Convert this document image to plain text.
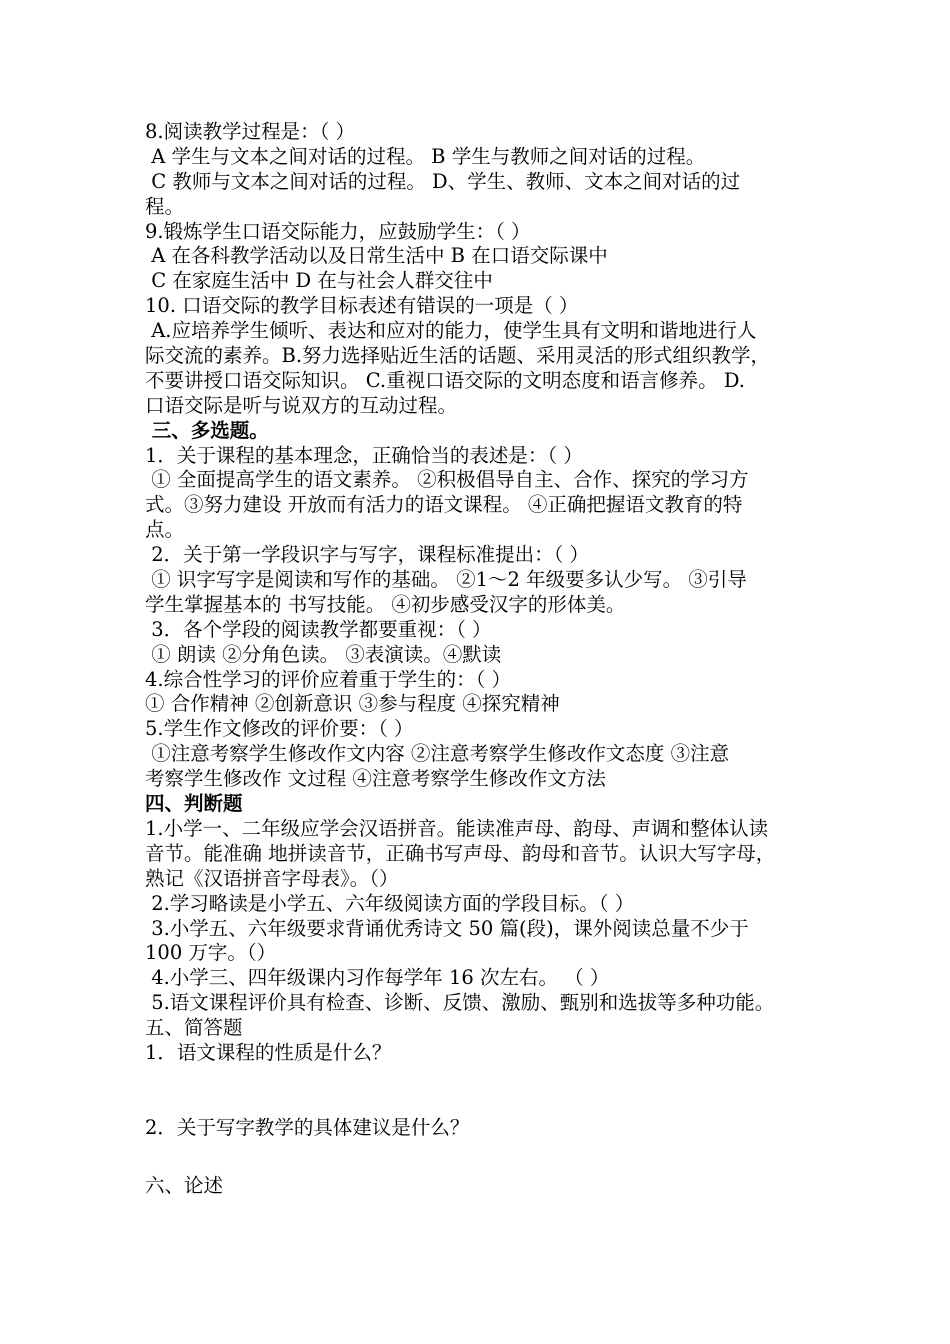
8.阅读教学过程是：（ ）
A 学生与文本之间对话的过程。 B 学生与教师之间对话的过程。
C 教师与文本之间对话的过程。 D、学生、教师、文本之间对话的过
程。
9.锻炼学生口语交际能力，应鼓励学生：（ ）
A 在各科教学活动以及日常生活中 B 在口语交际课中
C 在家庭生活中 D 在与社会人群交往中
10. 口语交际的教学目标表述有错误的一项是（ ）
A.应培养学生倾听、表达和应对的能力，使学生具有文明和谐地进行人
际交流的素养。B.努力选择贴近生活的话题、采用灵活的形式组织教学，
不要讲授口语交际知识。 C.重视口语交际的文明态度和语言修养。 D.
口语交际是听与说双方的互动过程。
三、多选题。
1．关于课程的基本理念，正确恰当的表述是：（ ）
① 全面提高学生的语文素养。 ②积极倡导自主、合作、探究的学习方
式。③努力建设 开放而有活力的语文课程。 ④正确把握语文教育的特
点。
2．关于第一学段识字与写字，课程标准提出：（ ）
① 识字写字是阅读和写作的基础。 ②1～2 年级要多认少写。 ③引导
学生掌握基本的 书写技能。 ④初步感受汉字的形体美。
3．各个学段的阅读教学都要重视：（ ）
① 朗读 ②分角色读。 ③表演读。④默读
4.综合性学习的评价应着重于学生的：（ ）
① 合作精神 ②创新意识 ③参与程度 ④探究精神
5.学生作文修改的评价要：（ ）
①注意考察学生修改作文内容 ②注意考察学生修改作文态度 ③注意
考察学生修改作 文过程 ④注意考察学生修改作文方法
四、判断题
1.小学一、二年级应学会汉语拼音。能读准声母、韵母、声调和整体认读
音节。能准确 地拼读音节，正确书写声母、韵母和音节。认识大写字母，
熟记《汉语拼音字母表》。（）
2.学习略读是小学五、六年级阅读方面的学段目标。（ ）
3.小学五、六年级要求背诵优秀诗文 50 篇(段)，课外阅读总量不少于
100 万字。（）
4.小学三、四年级课内习作每学年 16 次左右。 （ ）
5.语文课程评价具有检查、诊断、反馈、激励、甄别和选拔等多种功能。
五、简答题
1．语文课程的性质是什么？
2．关于写字教学的具体建议是什么？
六、论述
